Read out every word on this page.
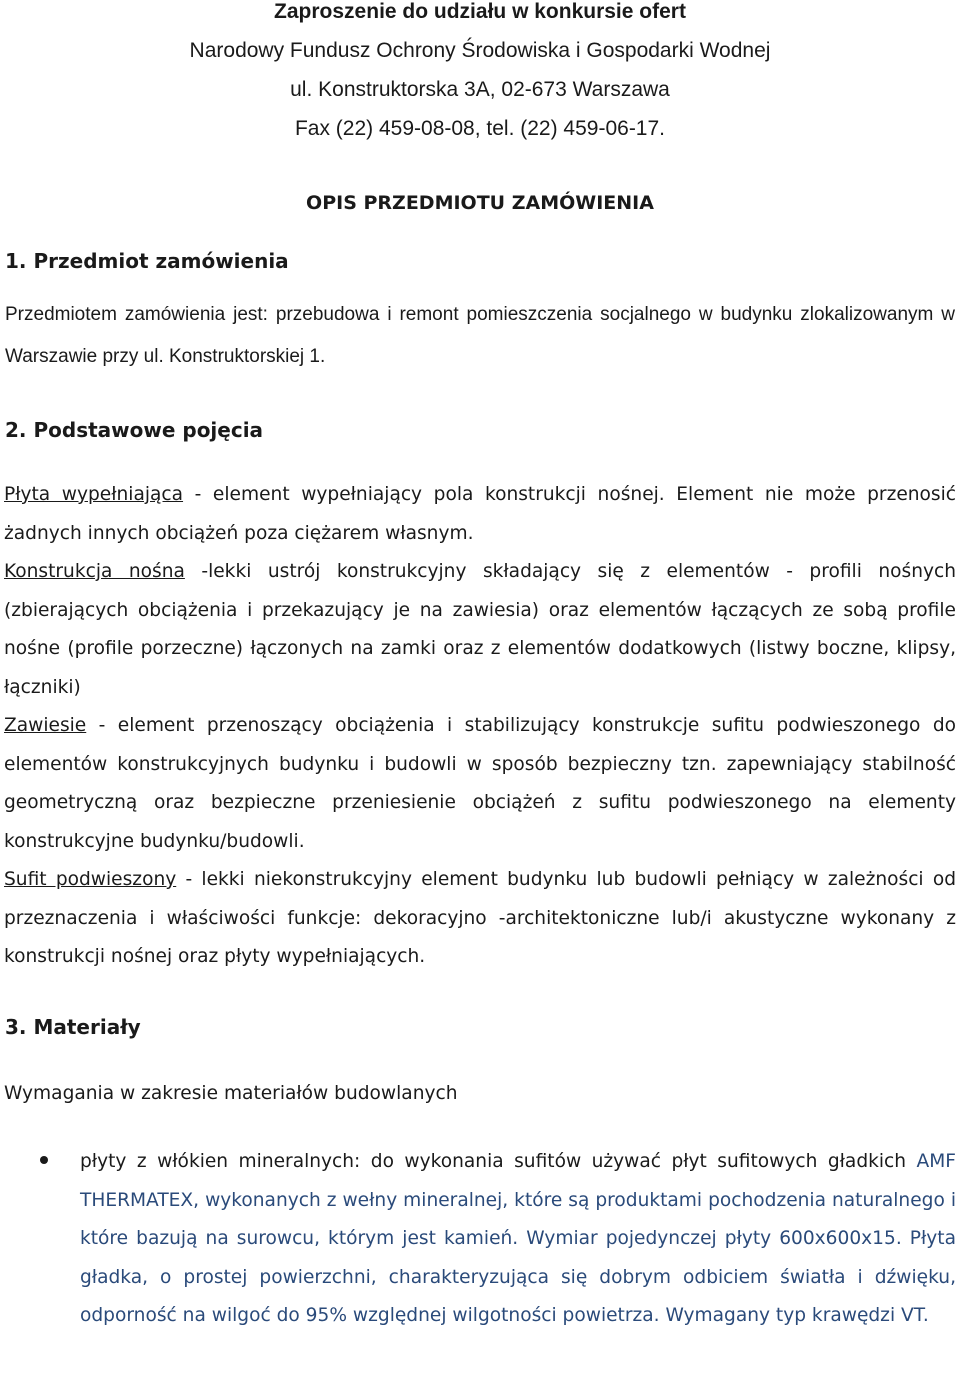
Zaproszenie do udziału w konkursie ofert
Narodowy Fundusz Ochrony Środowiska i Gospodarki Wodnej
ul. Konstruktorska 3A, 02-673 Warszawa
Fax (22) 459-08-08, tel. (22) 459-06-17.
OPIS PRZEDMIOTU ZAMÓWIENIA
1. Przedmiot zamówienia
Przedmiotem zamówienia jest: przebudowa i remont pomieszczenia socjalnego w budynku zlokalizowanym w Warszawie przy ul. Konstruktorskiej 1.
2. Podstawowe pojęcia
Płyta wypełniająca - element wypełniający pola konstrukcji nośnej. Element nie może przenosić żadnych innych obciążeń poza ciężarem własnym.
Konstrukcja nośna -lekki ustrój konstrukcyjny składający się z elementów - profili nośnych (zbierających obciążenia i przekazujący je na zawiesia) oraz elementów łączących ze sobą profile nośne (profile porzeczne) łączonych na zamki oraz z elementów dodatkowych (listwy boczne, klipsy, łączniki)
Zawiesie - element przenoszący obciążenia i stabilizujący konstrukcje sufitu podwieszonego do elementów konstrukcyjnych budynku i budowli w sposób bezpieczny tzn. zapewniający stabilność geometryczną oraz bezpieczne przeniesienie obciążeń z sufitu podwieszonego na elementy konstrukcyjne budynku/budowli.
Sufit podwieszony - lekki niekonstrukcyjny element budynku lub budowli pełniący w zależności od przeznaczenia i właściwości funkcje: dekoracyjno -architektoniczne lub/i akustyczne wykonany z konstrukcji nośnej oraz płyty wypełniających.
3. Materiały
Wymagania w zakresie materiałów budowlanych
płyty z włókien mineralnych: do wykonania sufitów używać płyt sufitowych gładkich AMF THERMATEX, wykonanych z wełny mineralnej, które są produktami pochodzenia naturalnego i które bazują na surowcu, którym jest kamień. Wymiar pojedynczej płyty 600x600x15. Płyta gładka, o prostej powierzchni, charakteryzująca się dobrym odbiciem światła i dźwięku, odporność na wilgoć do 95% względnej wilgotności powietrza. Wymagany typ krawędzi VT.
